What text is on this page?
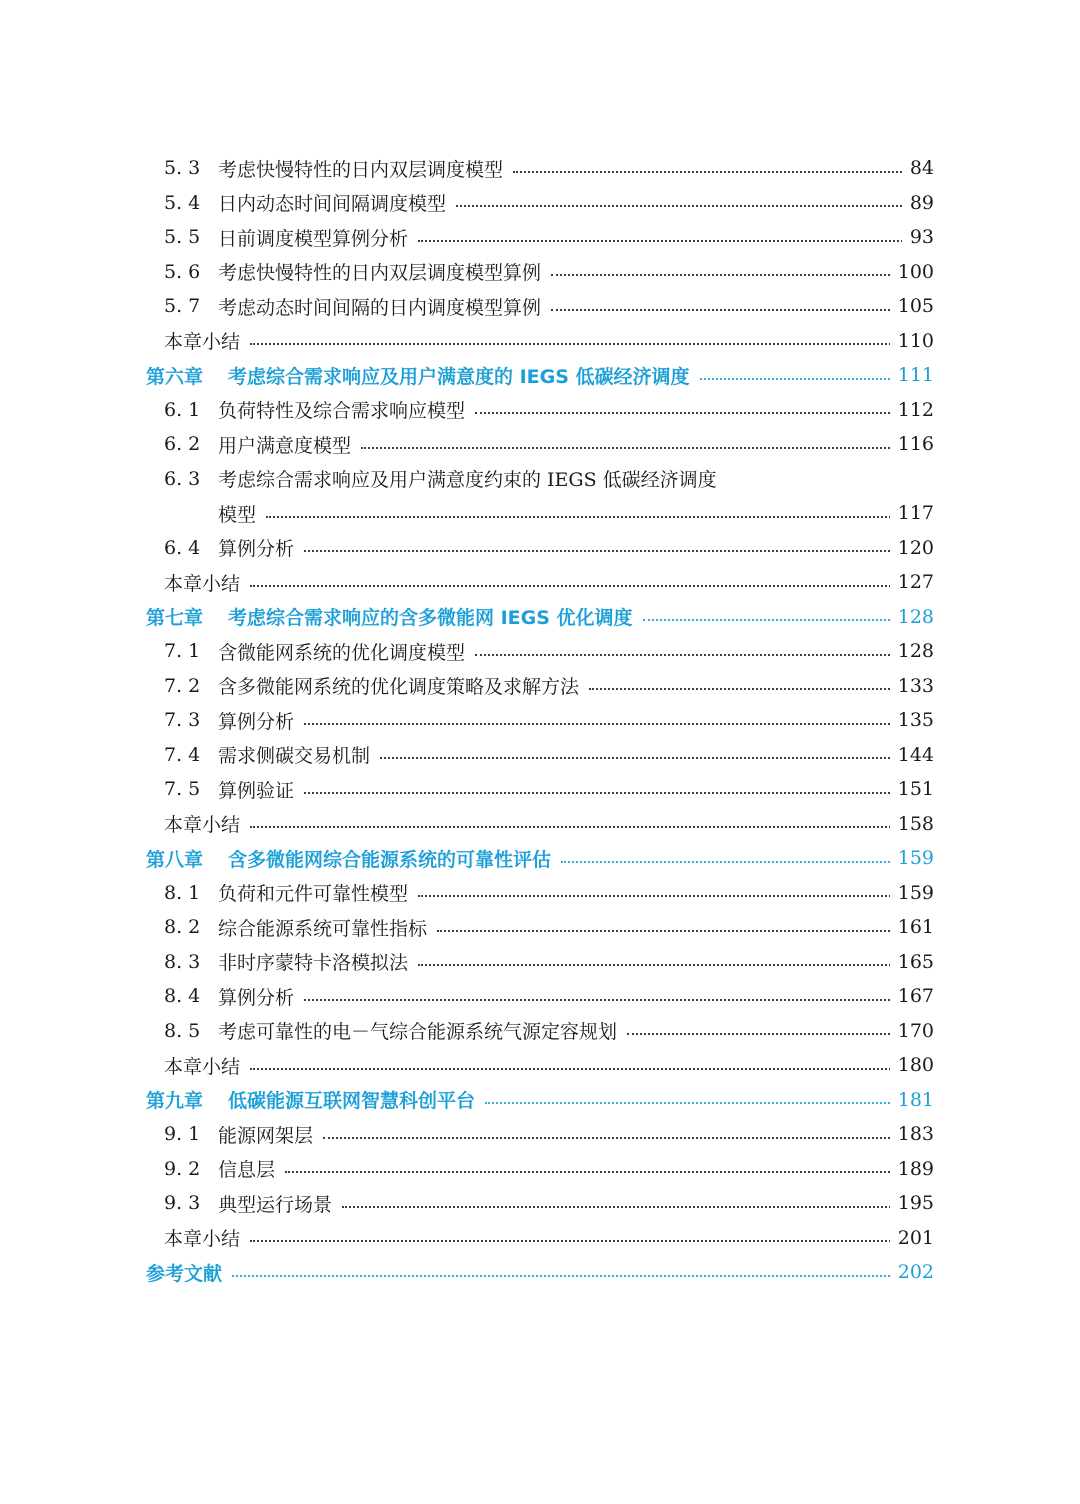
5. 3 考虑快慢特性的日内双层调度模型	84
5. 4 日内动态时间间隔调度模型	89
5. 5 日前调度模型算例分析	93
5. 6 考虑快慢特性的日内双层调度模型算例	100
5. 7 考虑动态时间间隔的日内调度模型算例	105
本章小结	110
第六章 考虑综合需求响应及用户满意度的 IEGS 低碳经济调度	111
6. 1 负荷特性及综合需求响应模型	112
6. 2 用户满意度模型	116
6. 3 考虑综合需求响应及用户满意度约束的 IEGS 低碳经济调度
模型	117
6. 4 算例分析	120
本章小结	127
第七章 考虑综合需求响应的含多微能网 IEGS 优化调度	128
7. 1 含微能网系统的优化调度模型	128
7. 2 含多微能网系统的优化调度策略及求解方法	133
7. 3 算例分析	135
7. 4 需求侧碳交易机制	144
7. 5 算例验证	151
本章小结	158
第八章 含多微能网综合能源系统的可靠性评估	159
8. 1 负荷和元件可靠性模型	159
8. 2 综合能源系统可靠性指标	161
8. 3 非时序蒙特卡洛模拟法	165
8. 4 算例分析	167
8. 5 考虑可靠性的电－气综合能源系统气源定容规划	170
本章小结	180
第九章 低碳能源互联网智慧科创平台	181
9. 1 能源网架层	183
9. 2 信息层	189
9. 3 典型运行场景	195
本章小结	201
参考文献	202
